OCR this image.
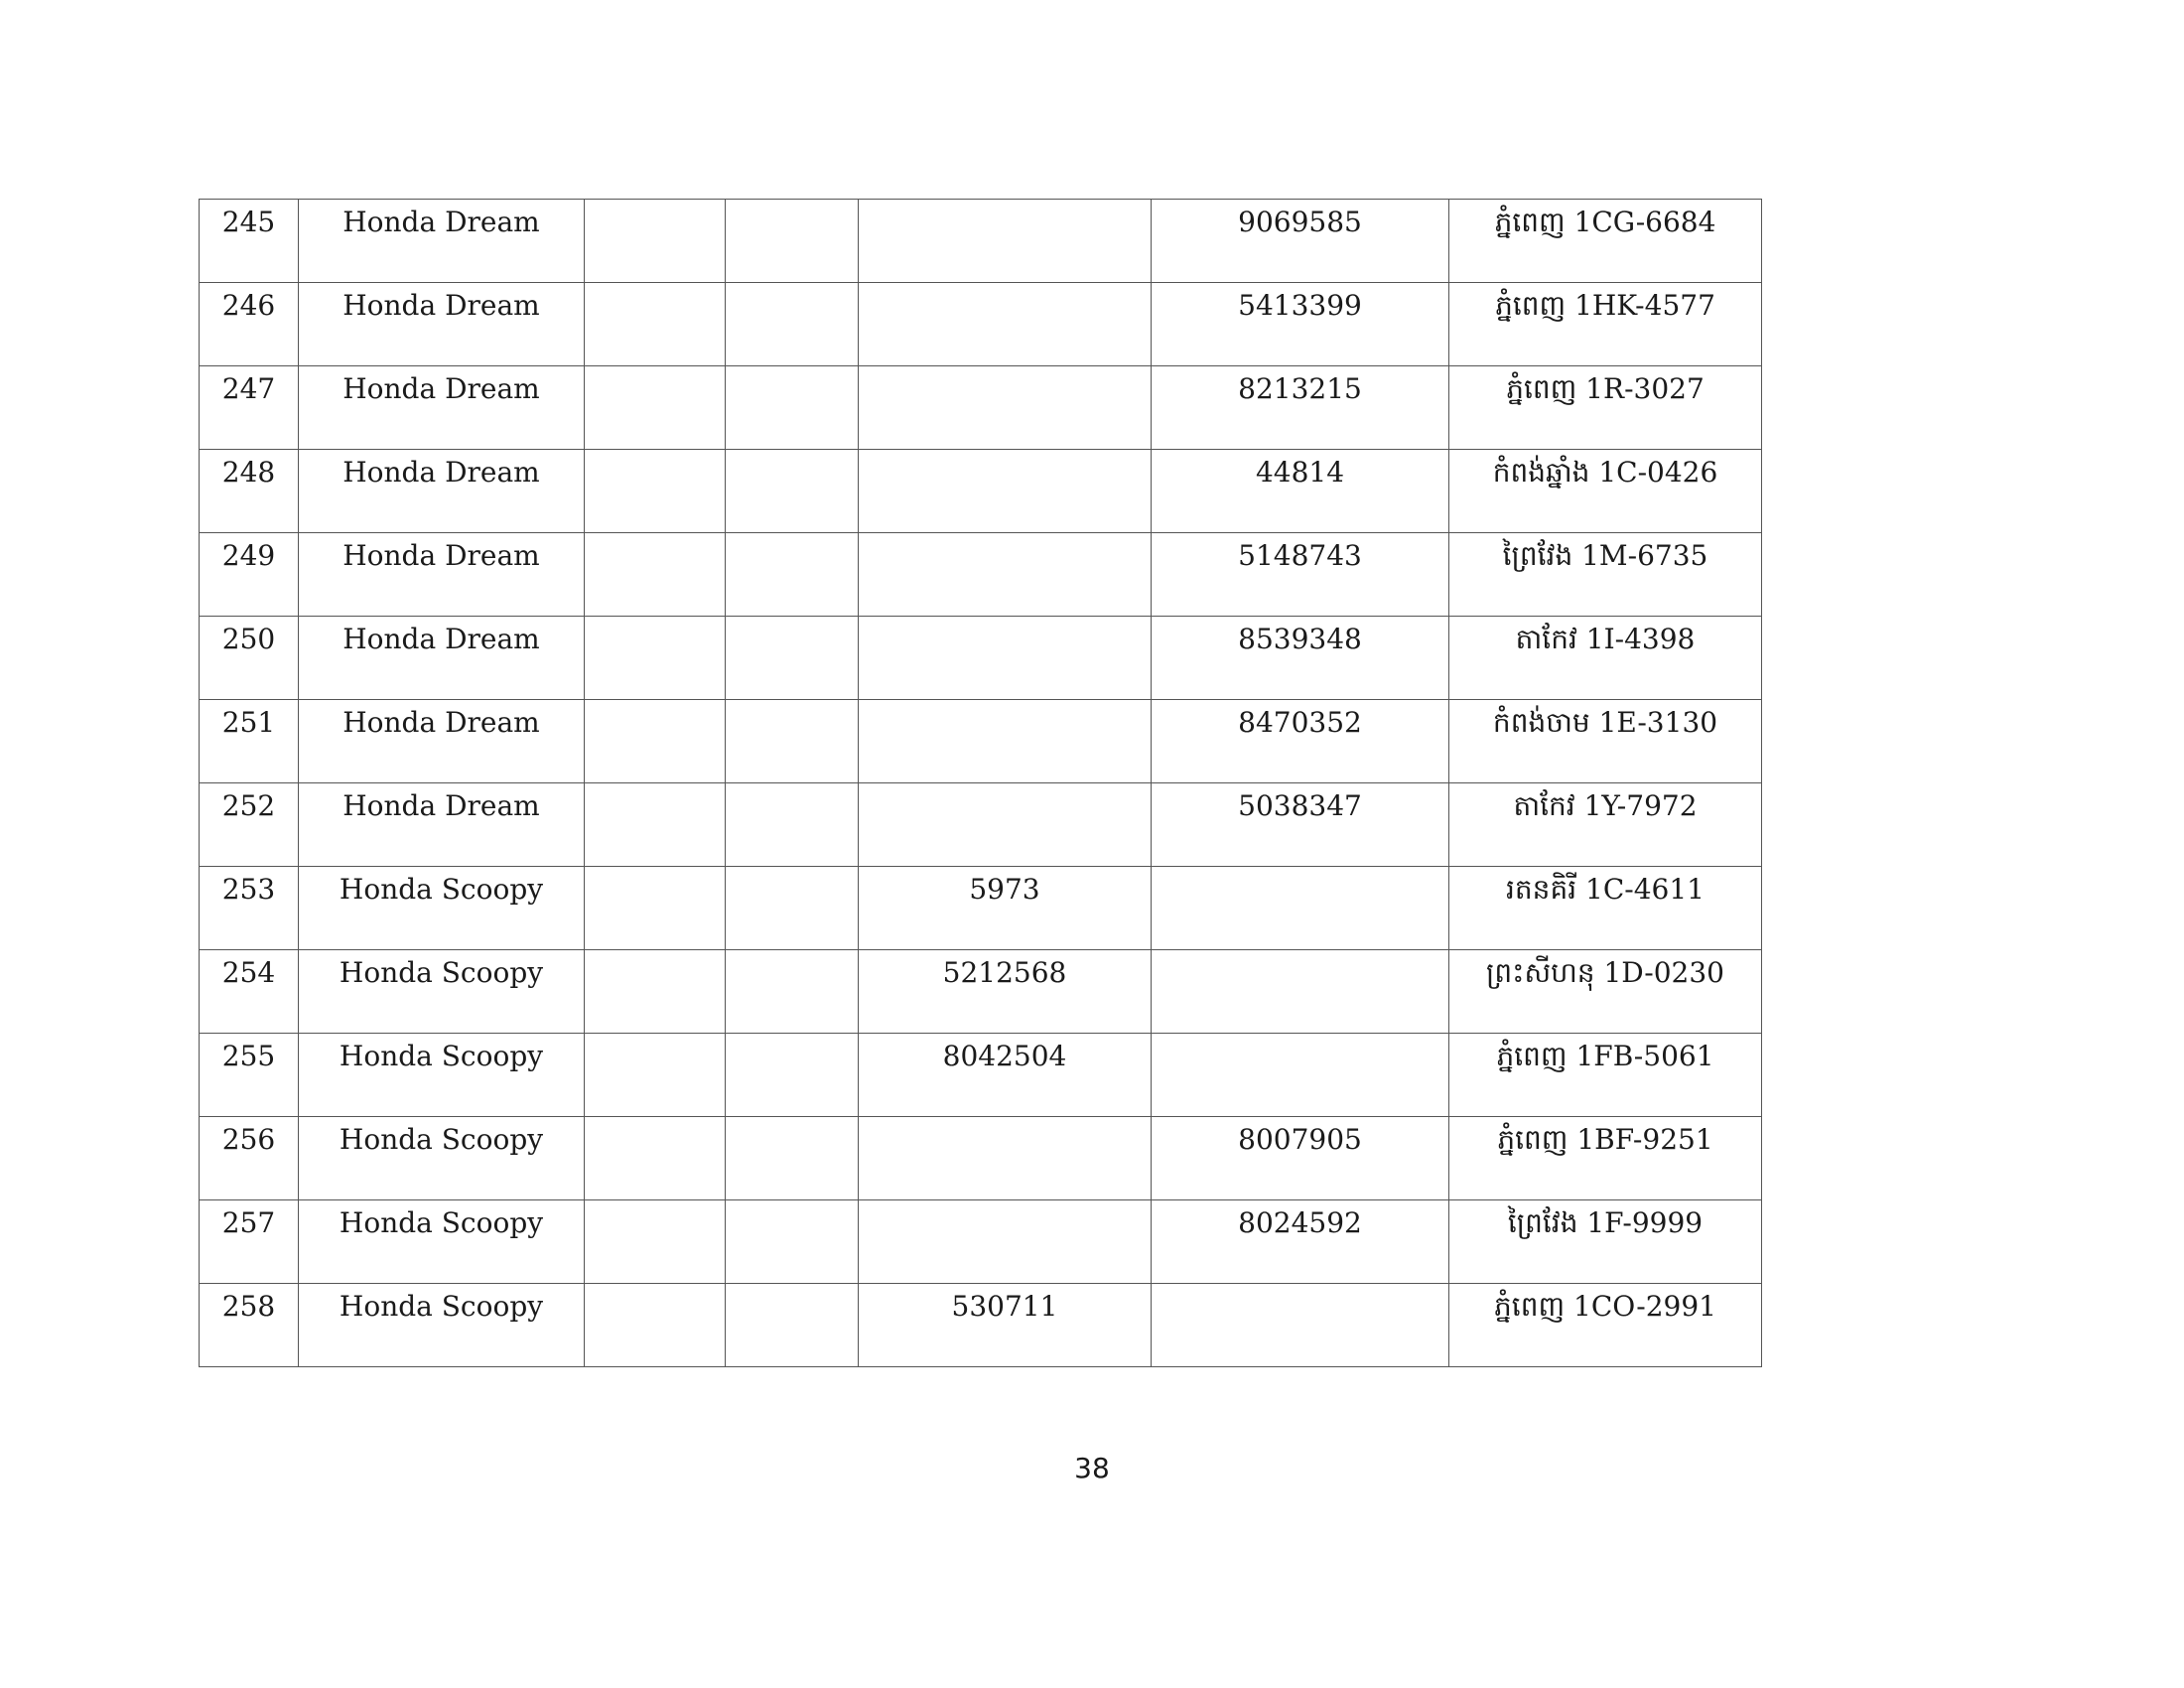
245	Honda Dream				9069585	ភ្នំពេញ 1CG-6684
246	Honda Dream				5413399	ភ្នំពេញ 1HK-4577
247	Honda Dream				8213215	ភ្នំពេញ 1R-3027
248	Honda Dream				44814	កំពង់ឆ្នាំង 1C-0426
249	Honda Dream				5148743	ព្រៃវែង 1M-6735
250	Honda Dream				8539348	តាកែវ 1I-4398
251	Honda Dream				8470352	កំពង់ចាម 1E-3130
252	Honda Dream				5038347	តាកែវ 1Y-7972
253	Honda Scoopy			5973		រតនគិរី 1C-4611
254	Honda Scoopy			5212568		ព្រះសីហនុ 1D-0230
255	Honda Scoopy			8042504		ភ្នំពេញ 1FB-5061
256	Honda Scoopy				8007905	ភ្នំពេញ 1BF-9251
257	Honda Scoopy				8024592	ព្រៃវែង 1F-9999
258	Honda Scoopy			530711		ភ្នំពេញ 1CO-2991
38
